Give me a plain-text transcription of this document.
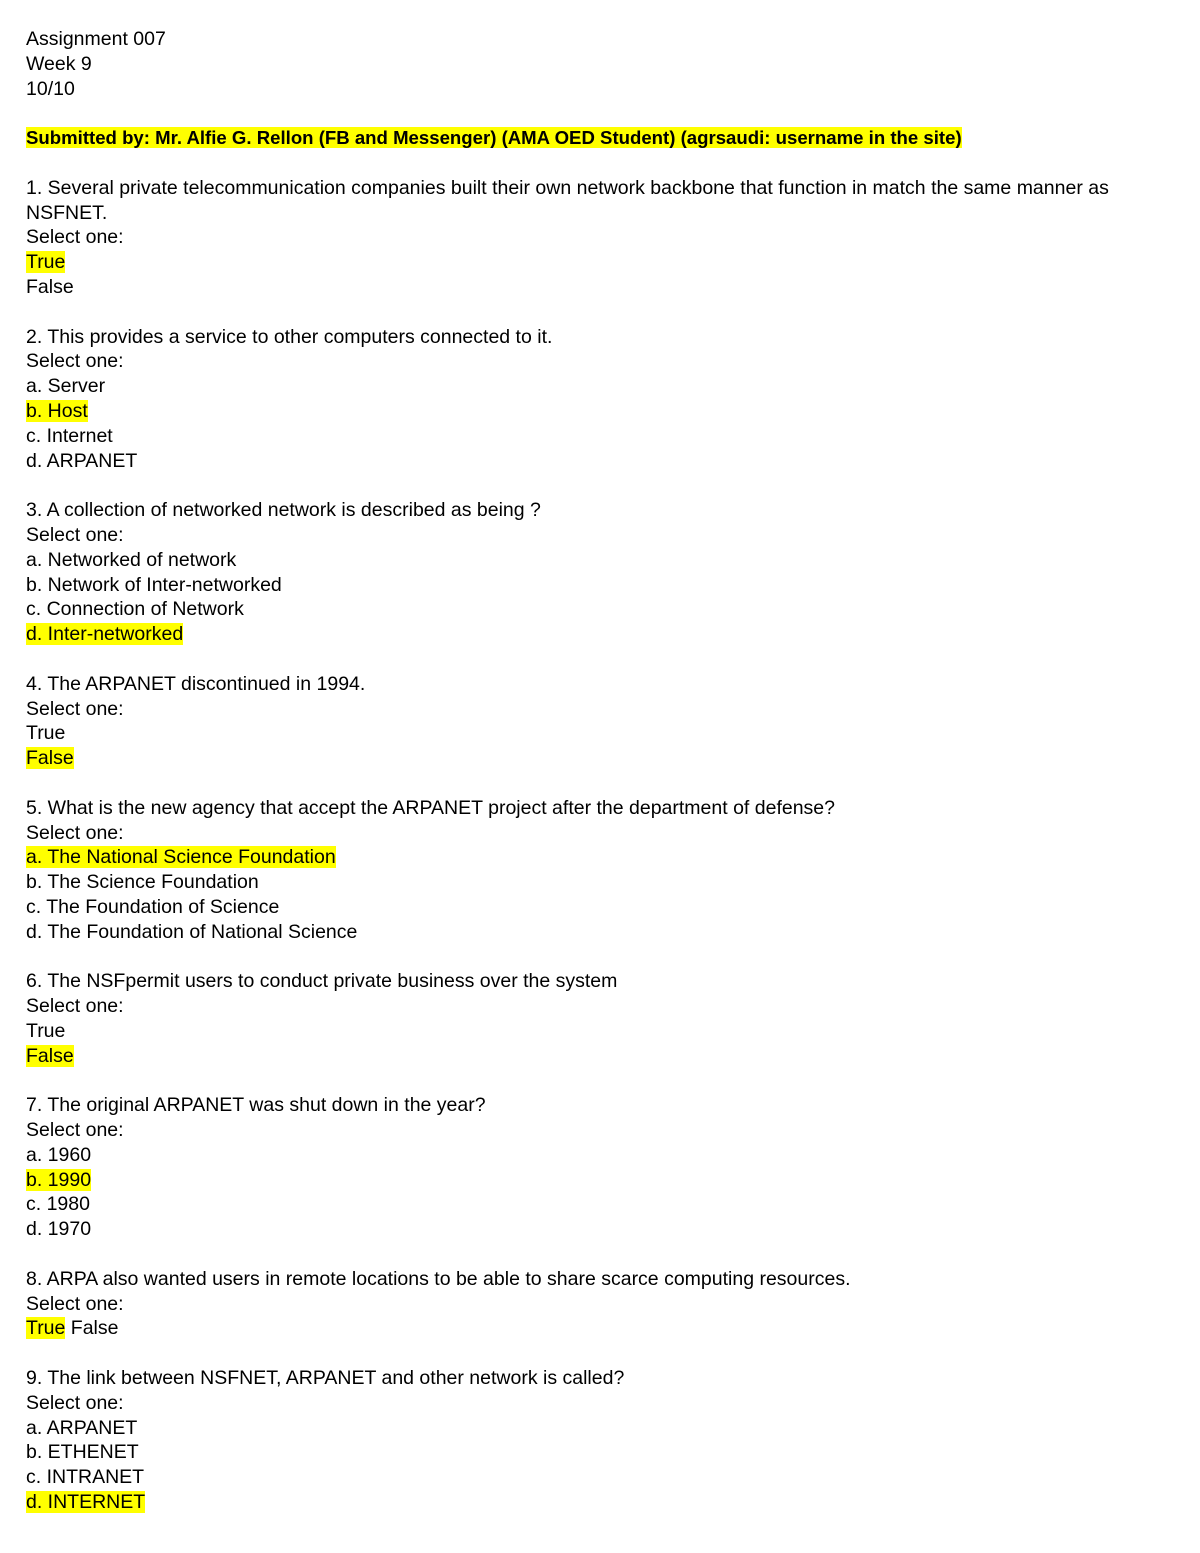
Assignment 007
Week 9
10/10
Submitted by: Mr. Alfie G. Rellon (FB and Messenger) (AMA OED Student) (agrsaudi: username in the site)
1. Several private telecommunication companies built their own network backbone that function in match the same manner as NSFNET.
Select one:
True
False
2. This provides a service to other computers connected to it.
Select one:
a. Server
b. Host
c. Internet
d. ARPANET
3. A collection of networked network is described as being ?
Select one:
a. Networked of network
b. Network of Inter-networked
c. Connection of Network
d. Inter-networked
4. The ARPANET discontinued in 1994.
Select one:
True
False
5. What is the new agency that accept the ARPANET project after the department of defense?
Select one:
a. The National Science Foundation
b. The Science Foundation
c. The Foundation of Science
d. The Foundation of National Science
6. The NSFpermit users to conduct private business over the system
Select one:
True
False
7. The original ARPANET was shut down in the year?
Select one:
a. 1960
b. 1990
c. 1980
d. 1970
8. ARPA also wanted users in remote locations to be able to share scarce computing resources.
Select one:
True False
9. The link between NSFNET, ARPANET and other network is called?
Select one:
a. ARPANET
b. ETHENET
c. INTRANET
d. INTERNET
